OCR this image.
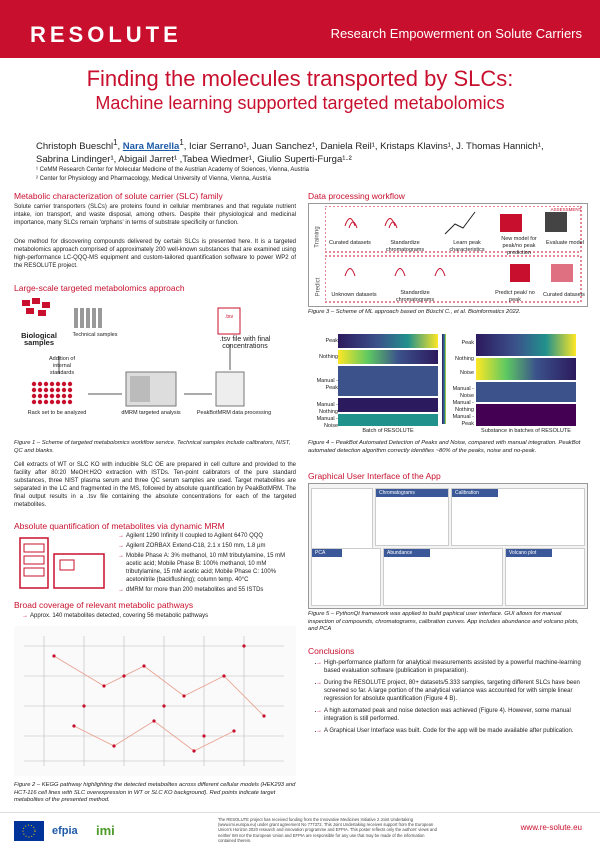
RESOLUTE	Research Empowerment on Solute Carriers
Finding the molecules transported by SLCs:
Machine learning supported targeted metabolomics
Christoph Bueschl$^1$, Nara Marella$^1$, Iciar Serrano¹, Juan Sanchez¹, Daniela Reil¹, Kristaps Klavins¹, J. Thomas Hannich¹, Sabrina Lindinger¹, Abigail Jarret¹ ,Tabea Wiedmer¹, Giulio Superti-Furga¹·²
¹ CeMM Research Center for Molecular Medicine of the Austrian Academy of Sciences, Vienna, Austria
² Center for Physiology and Pharmacology, Medical University of Vienna, Vienna, Austria
Metabolic characterization of solute carrier (SLC) family
Solute carrier transporters (SLCs) are proteins found in cellular membranes and that regulate nutrient intake, ion transport, and waste disposal, among others. Despite their physiological and medicinal importance, many SLCs remain 'orphans' in terms of substrate specificity or function.
One method for discovering compounds delivered by certain SLCs is presented here. It is a targeted metabolomics approach comprised of approximately 200 well-known substances that are examined using high-performance LC-QQQ-MS equipment and custom-tailored quantification software to power WP2 of the RESOLUTE project.
Large-scale targeted metabolomics approach
Biological samples
Technical samples
Addition of internal standards
Rack set to be analyzed	dMRM targeted analysis
.tsv
.tsv file with final concentrations
PeakBotMRM data processing
Figure 1 – Scheme of targeted metabolomics workflow service. Technical samples include calibrators, NIST, QC and blanks.
Cell extracts of WT or SLC KO with inducible SLC OE are prepared in cell culture and provided to the facility after 80:20 MeOH:H2O extraction with ISTDs. Ten-point calibrators of the pure standard substances, three NIST plasma serum and three QC serum samples are used. Target metabolites are separated in the LC and fragmented in the MS, followed by absolute quantification by PeakBotMRM. The final output results in a .tsv file containing the absolute concentrations for each of the targeted metabolites.
Absolute quantification of metabolites via dynamic MRM
→ Agilent 1290 Infinity II coupled to Agilent 6470 QQQ
→ Agilent ZORBAX Extend-C18, 2.1 x 150 mm, 1.8 µm
→ Mobile Phase A: 3% methanol, 10 mM tributylamine, 15 mM acetic acid; Mobile Phase B: 100% methanol, 10 mM tributylamine, 15 mM acetic acid; Mobile Phase C: 100% acetonitrile (backflushing); column temp. 40°C
→ dMRM for more than 200 metabolites and 55 ISTDs
Broad coverage of relevant metabolic pathways
→ Approx. 140 metabolites detected, covering 56 metabolic pathways
Figure 2 – KEGG pathway highlighting the detected metabolites across different cellular models (HEK293 and HCT-116 cell lines with SLC overexpression in WT or SLC KO background). Red points indicate target metabolites of the presented method.
Data processing workflow
Training
Predict
Curated datasets	Standardize chromatograms
Learn peak characteristics
New model for peak/no peak prediction
Evaluate model
ASSESSMENT
Unknown datasets	Standardize chromatograms
Predict peak/ no peak
Curated datasets
Figure 3 – Scheme of ML approach based on Büschl C., et al. Bioinformatics 2022.
Peak
Nothing
Manual - Peak
Manual - Nothing
Manual - Noise
Batch of RESOLUTE
Peak
Nothing
Noise
Manual - Noise
Manual - Nothing
Manual - Peak
Substance in batches of RESOLUTE
Figure 4 – PeakBot Automated Detection of Peaks and Noise, compared with manual integration. PeakBot automated detection algorithm correctly identifies ~80% of the peaks, noise and no-peak.
Graphical User Interface of the App
Chromatograms	Calibration
PCA	Abundance	Volcano plot
Figure 5 – PythonQt framework was applied to build gaphical user interface. GUI allows for manual inspection of compounds, chromatograms, calibration curves. App includes abundance and volcano plots, and PCA
Conclusions
→ • High-performance platform for analytical measurements assisted by a powerful machine-learning based evaluation software (publication in preparation).
→ • During the RESOLUTE project, 80+ datasets/5.333 samples, targeting different SLCs have been screened so far. A large portion of the analytical variance was accounted for with simple linear regression for absolute quantification (Figure 4 B).
→ • A high automated peak and noise detection was achieved (Figure 4). However, some manual integration is still performed.
→ • A Graphical User Interface was built. Code for the app will be made available after publication.
efpia imi
The RESOLUTE project has received funding from the Innovative Medicines Initiative 2 Joint Undertaking (www.imi.europa.eu) under grant agreement No 777372. This Joint Undertaking receives support from the European Union's Horizon 2020 research and innovation programme and EFPIA. This poster reflects only the authors' views and neither IMI nor the European Union and EFPIA are responsible for any use that may be made of the information contained therein.
www.re-solute.eu
